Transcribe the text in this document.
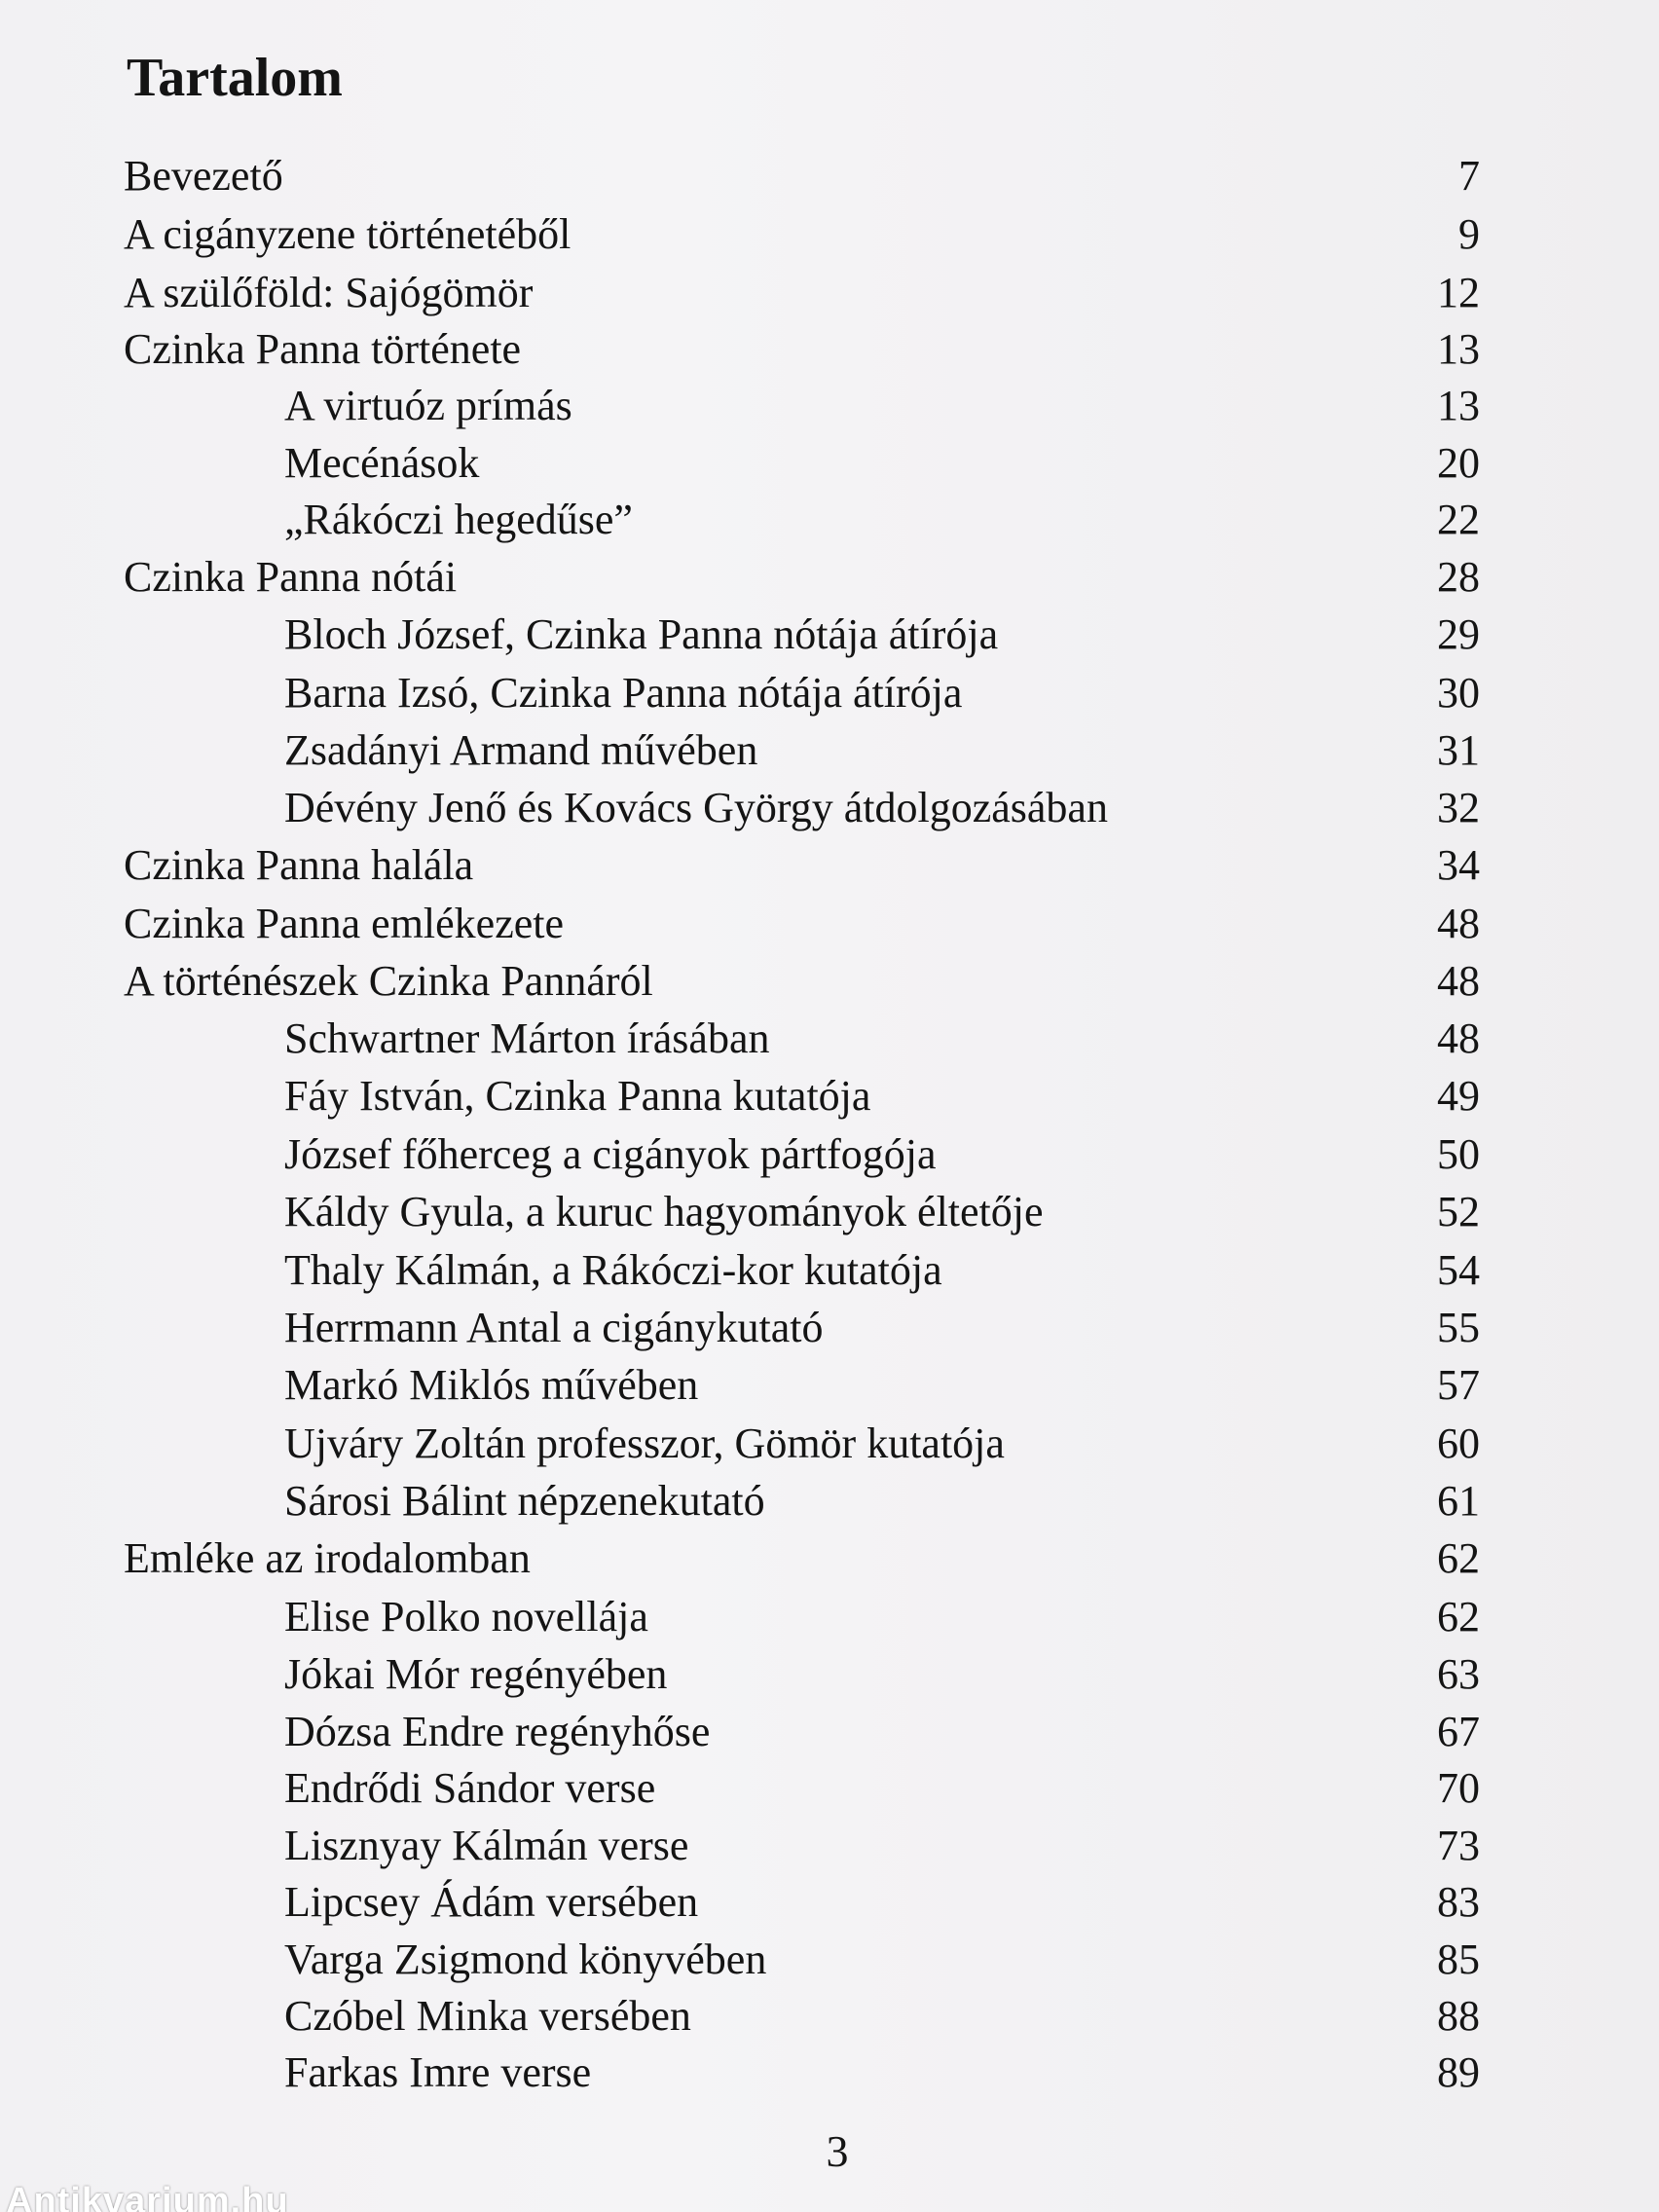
Tartalom
Bevezető	7
A cigányzene történetéből	9
A szülőföld: Sajógömör	12
Czinka Panna története	13
A virtuóz prímás	13
Mecénások	20
„Rákóczi hegedűse”	22
Czinka Panna nótái	28
Bloch József, Czinka Panna nótája átírója	29
Barna Izsó, Czinka Panna nótája átírója	30
Zsadányi Armand művében	31
Dévény Jenő és Kovács György átdolgozásában	32
Czinka Panna halála	34
Czinka Panna emlékezete	48
A történészek Czinka Pannáról	48
Schwartner Márton írásában	48
Fáy István, Czinka Panna kutatója	49
József főherceg a cigányok pártfogója	50
Káldy Gyula, a kuruc hagyományok éltetője	52
Thaly Kálmán, a Rákóczi-kor kutatója	54
Herrmann Antal a cigánykutató	55
Markó Miklós művében	57
Ujváry Zoltán professzor, Gömör kutatója	60
Sárosi Bálint népzenekutató	61
Emléke az irodalomban	62
Elise Polko novellája	62
Jókai Mór regényében	63
Dózsa Endre regényhőse	67
Endrődi Sándor verse	70
Lisznyay Kálmán verse	73
Lipcsey Ádám versében	83
Varga Zsigmond könyvében	85
Czóbel Minka versében	88
Farkas Imre verse	89
3
Antikvarium.hu
